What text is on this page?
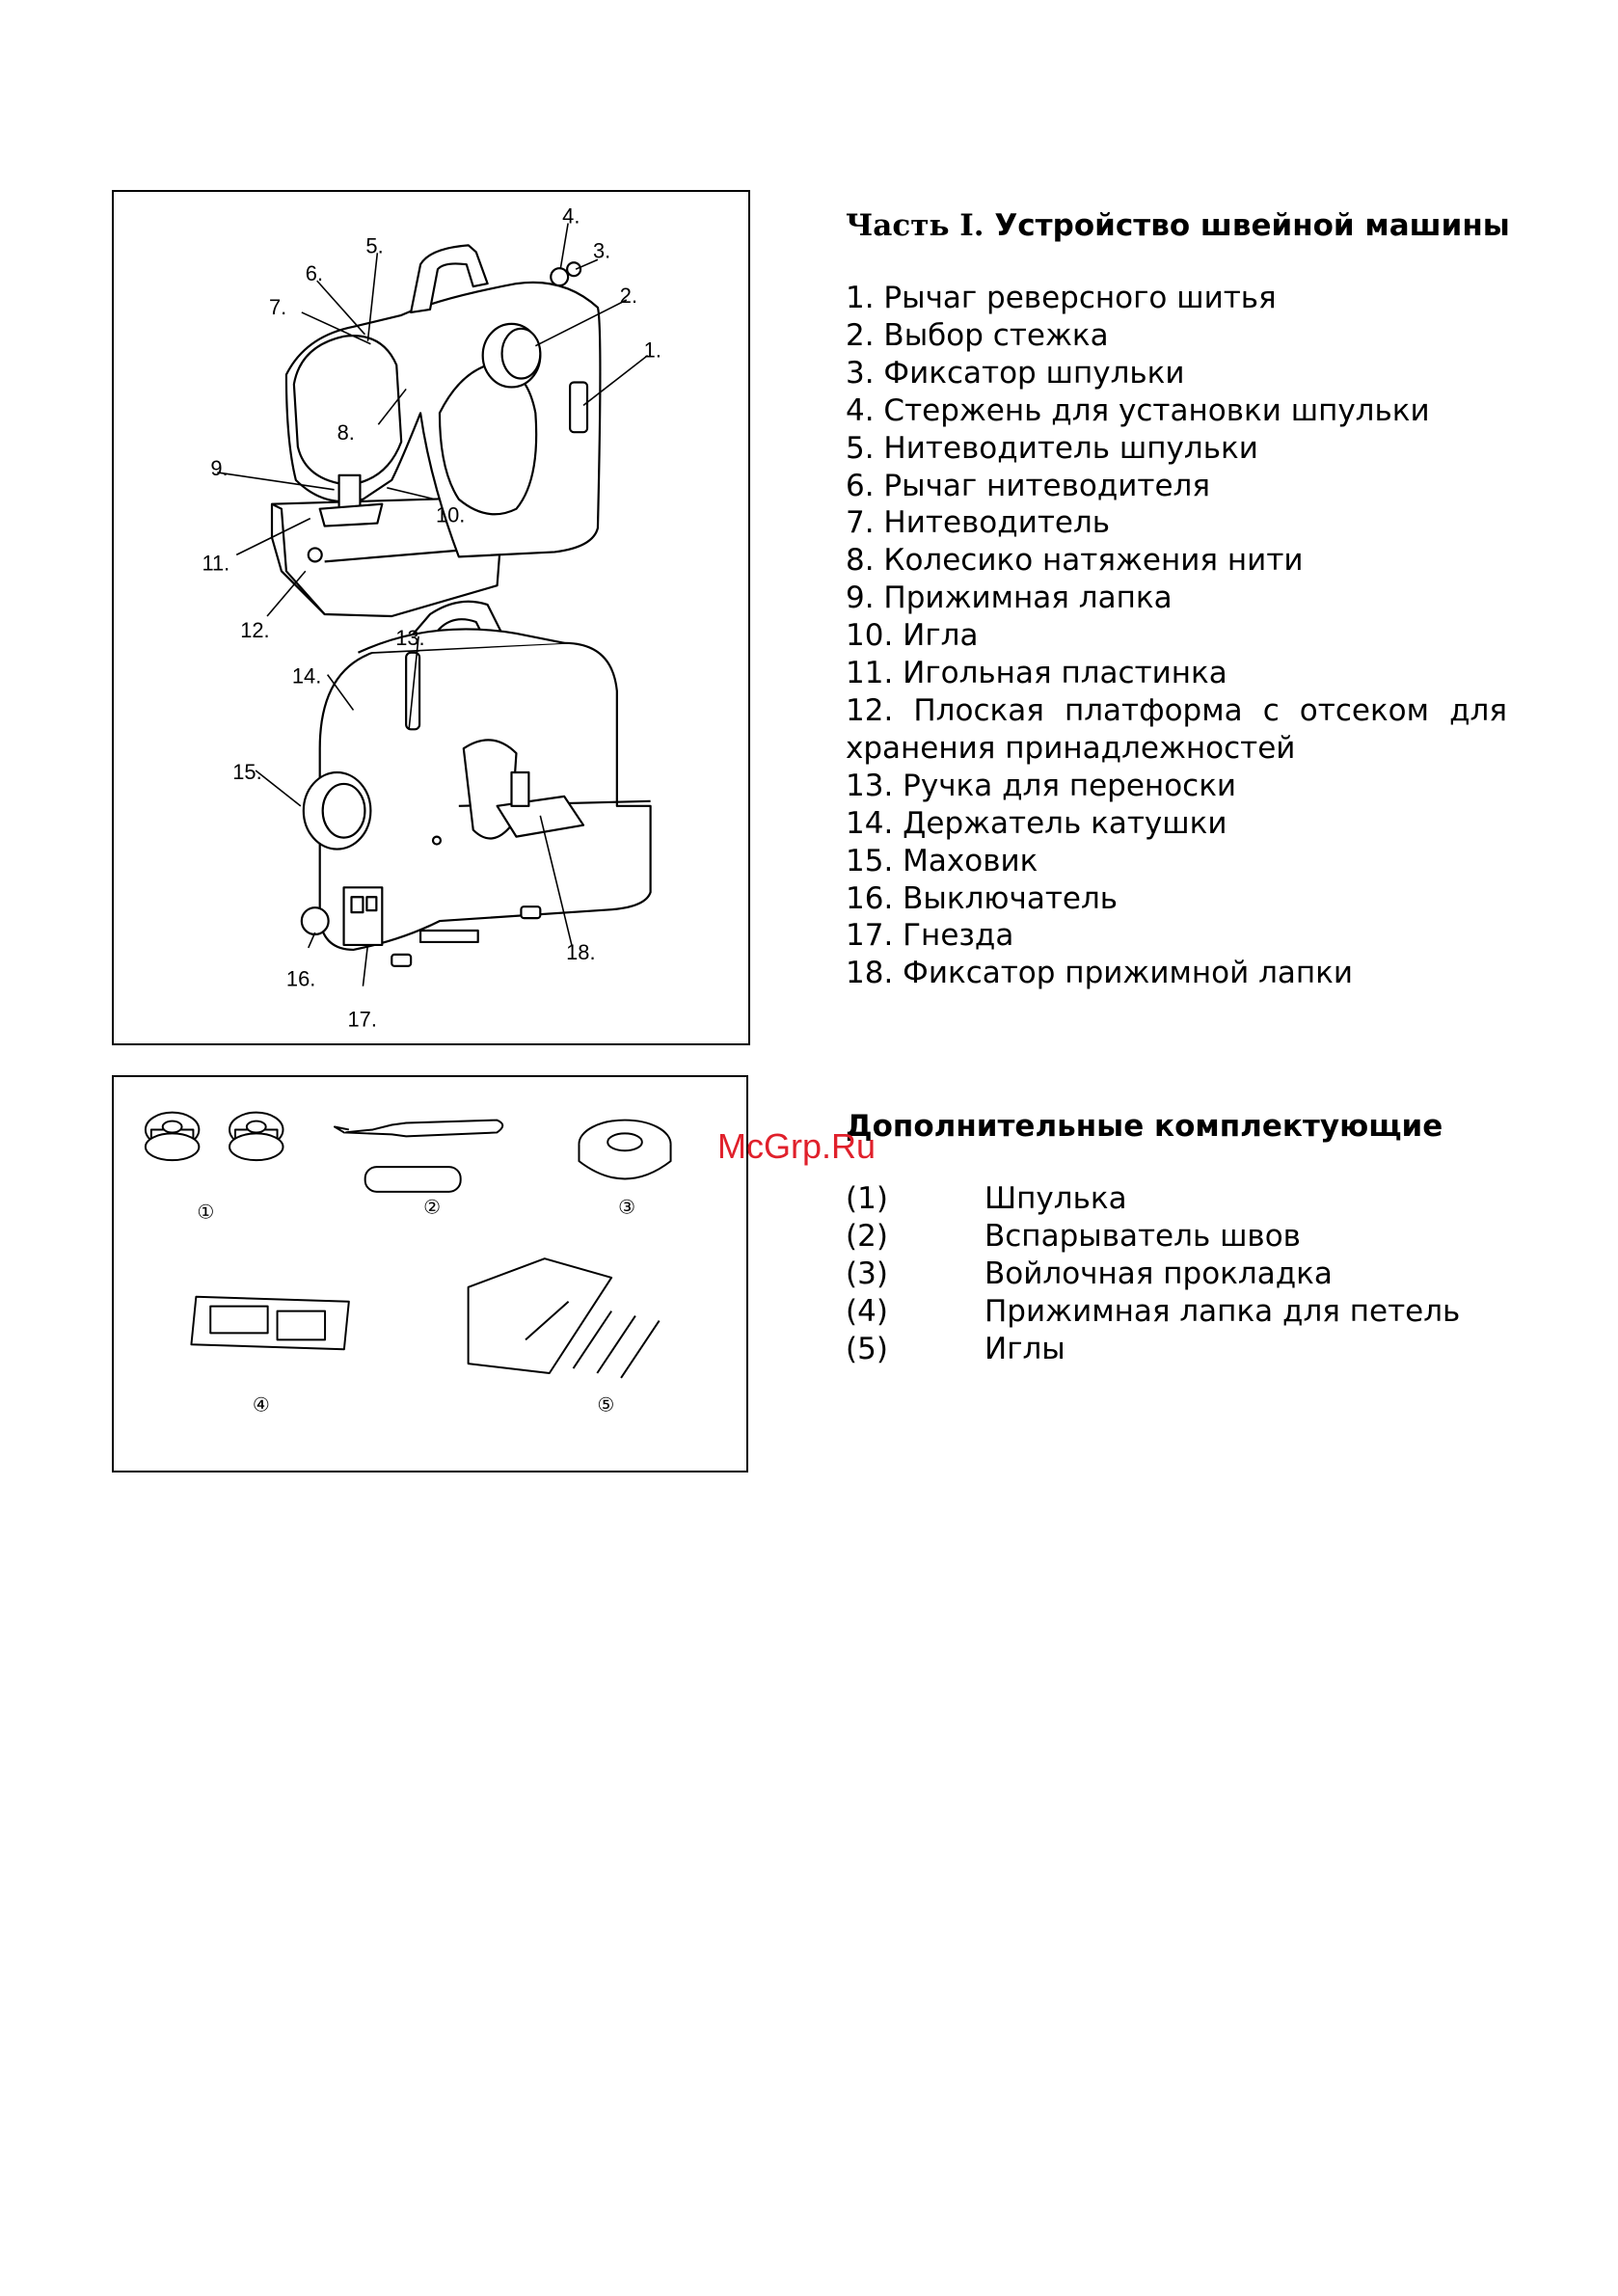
1.
2.
3.
4.
5.
6.
7.
8.
9.
10.
11.
12.	13.
14.
15.
16.
17.
18.
①	②	③
④	⑤
Часть I. Устройство швейной машины
1. Рычаг реверсного шитья
2. Выбор стежка
3. Фиксатор шпульки
4. Стержень для установки шпульки
5. Нитеводитель шпульки
6. Рычаг нитеводителя
7. Нитеводитель
8. Колесико натяжения нити
9. Прижимная лапка
10. Игла
11. Игольная пластинка
12. Плоская платформа с отсеком для хранения принадлежностей
13. Ручка для переноски
14. Держатель катушки
15. Маховик
16. Выключатель
17. Гнезда
18. Фиксатор прижимной лапки
Дополнительные комплектующие
(1)	Шпулька
(2)	Вспарыватель швов
(3)	Войлочная прокладка
(4)	Прижимная лапка для петель
(5)	Иглы
McGrp.Ru
